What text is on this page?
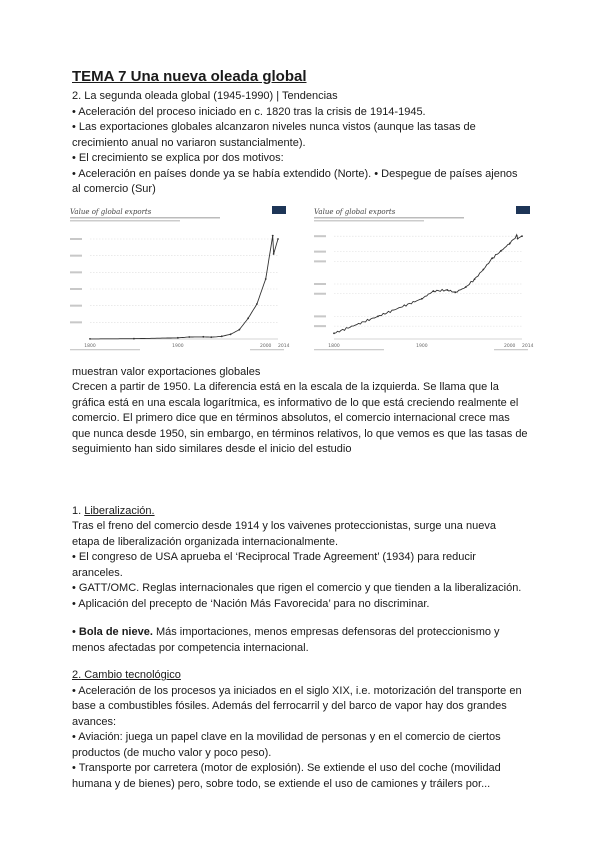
TEMA 7 Una nueva oleada global

2. La segunda oleada global (1945-1990) | Tendencias

• Aceleración del proceso iniciado en c. 1820 tras la crisis de 1914-1945.

• Las exportaciones globales alcanzaron niveles nunca vistos (aunque las tasas de

crecimiento anual no variaron sustancialmente).

• El crecimiento se explica por dos motivos:

• Aceleración en países donde ya se había extendido (Norte). • Despegue de países ajenos

al comercio (Sur)

Value of global exports
1800	1900	2000 2014
Value of global exports
1800	1900	2000 2014

muestran valor exportaciones globales

Crecen a partir de 1950. La diferencia está en la escala de la izquierda. Se llama que la

gráfica está en una escala logarítmica, es informativo de lo que está creciendo realmente el

comercio. El primero dice que en términos absolutos, el comercio internacional crece mas

que nunca desde 1950, sin embargo, en términos relativos, lo que vemos es que las tasas de

seguimiento han sido similares desde el inicio del estudio

1. Liberalización.

Tras el freno del comercio desde 1914 y los vaivenes proteccionistas, surge una nueva

etapa de liberalización organizada internacionalmente.

• El congreso de USA aprueba el ‘Reciprocal Trade Agreement’ (1934) para reducir

aranceles.

• GATT/OMC. Reglas internacionales que rigen el comercio y que tienden a la liberalización.

• Aplicación del precepto de ‘Nación Más Favorecida’ para no discriminar.

• Bola de nieve. Más importaciones, menos empresas defensoras del proteccionismo y

menos afectadas por competencia internacional.

2. Cambio tecnológico

• Aceleración de los procesos ya iniciados en el siglo XIX, i.e. motorización del transporte en

base a combustibles fósiles. Además del ferrocarril y del barco de vapor hay dos grandes

avances:

• Aviación: juega un papel clave en la movilidad de personas y en el comercio de ciertos

productos (de mucho valor y poco peso).

• Transporte por carretera (motor de explosión). Se extiende el uso del coche (movilidad

humana y de bienes) pero, sobre todo, se extiende el uso de camiones y tráilers por...
